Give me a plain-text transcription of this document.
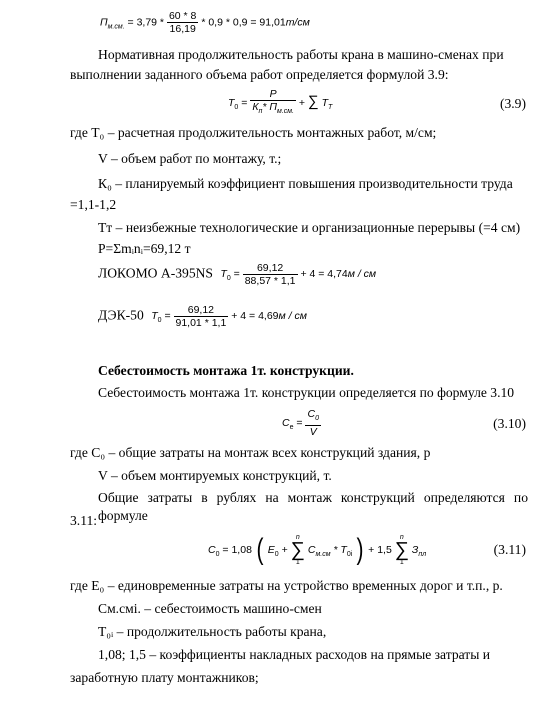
$П_{м.см.} = 3,79 * \frac{60 * 8}{16,19} * 0,9 * 0,9 = 91,01т/см$
Нормативная продолжительность работы крана в машино-сменах при
выполнении заданного объема работ определяется формулой 3.9:
$Т_0 = \frac{Р}{К_п* П_{м.см.}}$ + ∑ $Т_Т$	(3.9)
где Т₀ – расчетная продолжительность монтажных работ, м/см;
V – объем работ по монтажу, т.;
К₀ – планируемый коэффициент повышения производительности труда
=1,1-1,2
Тᴛ – неизбежные технологические и организационные перерывы (=4 см)
Р=Σmᵢnᵢ=69,12 т
ЛОКОМО А-395NS $Т_0 = \frac{69,12}{88,57 * 1,1} + 4 = 4,74м$ / см
ДЭК-50 $Т_0 = \frac{69,12}{91,01 * 1,1} + 4 = 4,69м$ / см
Себестоимость монтажа 1т. конструкции.
Себестоимость монтажа 1т. конструкции определяется по формуле 3.10
$С_е = \frac{С_0}{V}$	(3.10)
где С₀ – общие затраты на монтаж всех конструкций здания, р
V – объем монтируемых конструкций, т.
Общие затраты в рублях на монтаж конструкций определяются по формуле
3.11:
$С_0 = 1,08$ ( $Е_0$ +
n
∑
1
$С_{м.см} * Т_{0i}$ ) + 1,5
n
∑
1
$З_{пл}$	(3.11)
где Е₀ – единовременные затраты на устройство временных дорог и т.п., р.
См.смі. – себестоимость машино-смен
Т₀ᵢ – продолжительность работы крана,
1,08; 1,5 – коэффициенты накладных расходов на прямые затраты и
заработную плату монтажников;
